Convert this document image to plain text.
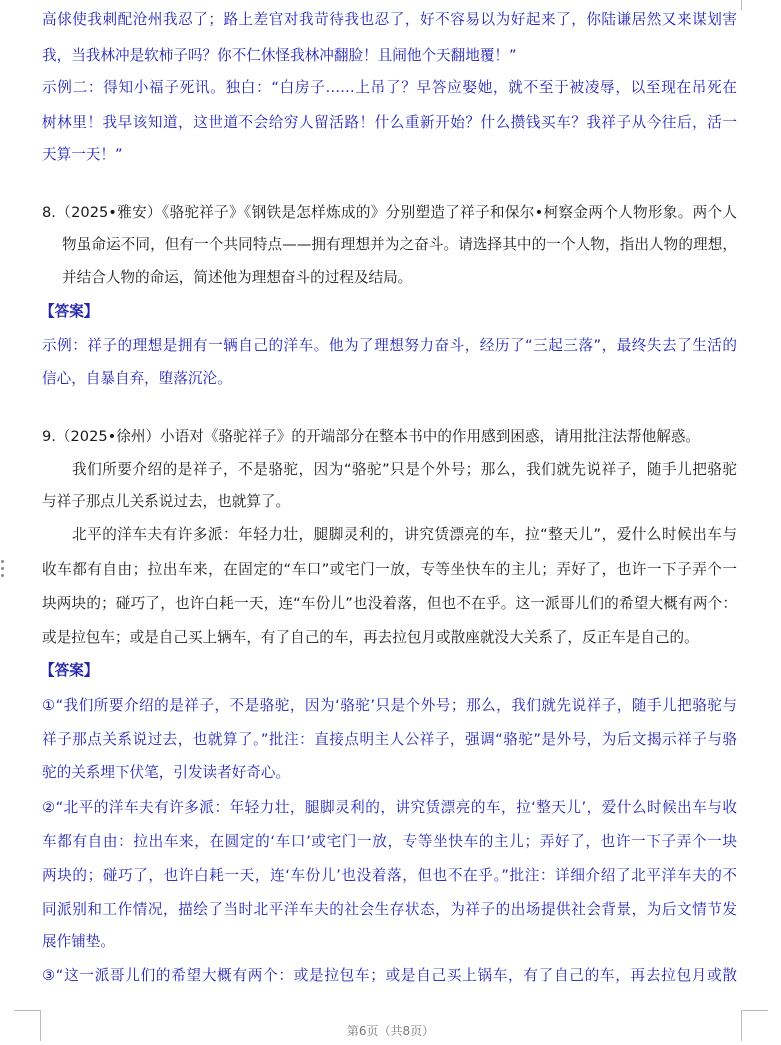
高俅使我刺配沧州我忍了；路上差官对我苛待我也忍了，好不容易以为好起来了，你陆谦居然又来谋划害
我，当我林冲是软柿子吗？你不仁休怪我林冲翻脸！且闹他个天翻地覆！”
示例二：得知小福子死讯。独白：“白房子……上吊了？早答应娶她，就不至于被凌辱，以至现在吊死在
树林里！我早该知道，这世道不会给穷人留活路！什么重新开始？什么攒钱买车？我祥子从今往后，活一
天算一天！”
8.（2025•雅安）《骆驼祥子》《钢铁是怎样炼成的》分别塑造了祥子和保尔•柯察金两个人物形象。两个人
物虽命运不同，但有一个共同特点——拥有理想并为之奋斗。请选择其中的一个人物，指出人物的理想，
并结合人物的命运，简述他为理想奋斗的过程及结局。
【答案】
示例：祥子的理想是拥有一辆自己的洋车。他为了理想努力奋斗，经历了“三起三落”，最终失去了生活的
信心，自暴自弃，堕落沉沦。
9.（2025•徐州）小语对《骆驼祥子》的开端部分在整本书中的作用感到困惑，请用批注法帮他解惑。
我们所要介绍的是祥子，不是骆驼，因为“骆驼”只是个外号；那么，我们就先说祥子，随手儿把骆驼
与祥子那点儿关系说过去，也就算了。
北平的洋车夫有许多派：年轻力壮，腿脚灵利的，讲究赁漂亮的车，拉“整天儿”，爱什么时候出车与
收车都有自由；拉出车来，在固定的“车口”或宅门一放，专等坐快车的主儿；弄好了，也许一下子弄个一
块两块的；碰巧了，也许白耗一天，连“车份儿”也没着落，但也不在乎。这一派哥儿们的希望大概有两个：
或是拉包车；或是自己买上辆车，有了自己的车，再去拉包月或散座就没大关系了，反正车是自己的。
【答案】
①“我们所要介绍的是祥子，不是骆驼，因为‘骆驼’只是个外号；那么，我们就先说祥子，随手儿把骆驼与
祥子那点关系说过去，也就算了。”批注：直接点明主人公祥子，强调“骆驼”是外号，为后文揭示祥子与骆
驼的关系埋下伏笔，引发读者好奇心。
②“北平的洋车夫有许多派：年轻力壮，腿脚灵利的，讲究赁漂亮的车，拉‘整天儿’，爱什么时候出车与收
车都有自由：拉出车来，在圆定的‘车口’或宅门一放，专等坐快车的主儿；弄好了，也许一下子弄个一块
两块的；碰巧了，也许白耗一天，连‘车份儿’也没着落，但也不在乎。”批注：详细介绍了北平洋车夫的不
同派别和工作情况，描绘了当时北平洋车夫的社会生存状态，为祥子的出场提供社会背景，为后文情节发
展作铺垫。
③“这一派哥儿们的希望大概有两个：或是拉包车；或是自己买上锅车，有了自己的车，再去拉包月或散
第6页（共8页）
